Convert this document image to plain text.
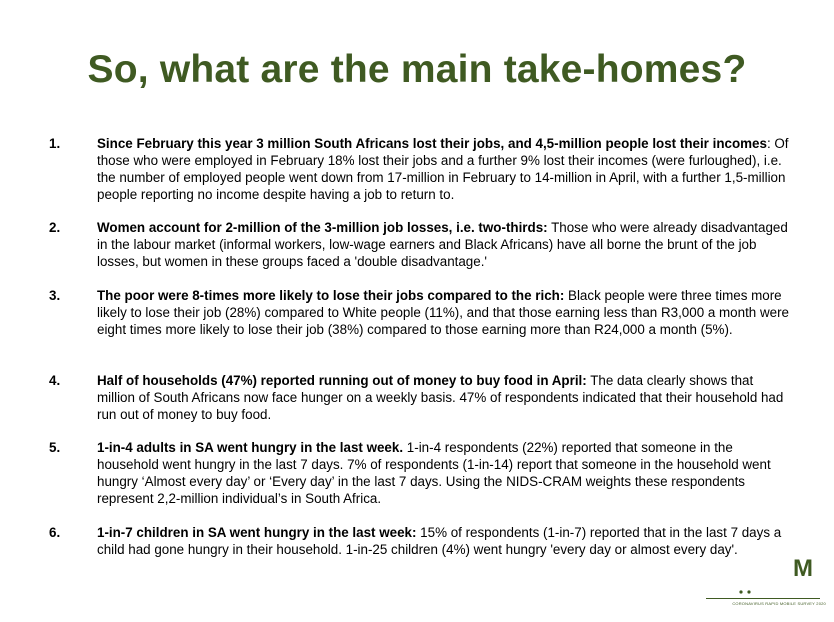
So, what are the main take-homes?
1.	Since February this year 3 million South Africans lost their jobs, and 4,5-million people lost their incomes: Of those who were employed in February 18% lost their jobs and a further 9% lost their incomes (were furloughed), i.e. the number of employed people went down from 17-million in February to 14-million in April, with a further 1,5-million people reporting no income despite having a job to return to.
2.	Women account for 2-million of the 3-million job losses, i.e. two-thirds: Those who were already disadvantaged in the labour market (informal workers, low-wage earners and Black Africans) have all borne the brunt of the job losses, but women in these groups faced a 'double disadvantage.'
3.	The poor were 8-times more likely to lose their jobs compared to the rich: Black people were three times more likely to lose their job (28%) compared to White people (11%), and that those earning less than R3,000 a month were eight times more likely to lose their job (38%) compared to those earning more than R24,000 a month (5%).
4.	Half of households (47%) reported running out of money to buy food in April: The data clearly shows that million of South Africans now face hunger on a weekly basis. 47% of respondents indicated that their household had run out of money to buy food.
5.	1-in-4 adults in SA went hungry in the last week. 1-in-4 respondents (22%) reported that someone in the household went hungry in the last 7 days. 7% of respondents (1-in-14) report that someone in the household went hungry ‘Almost every day’ or ‘Every day’ in the last 7 days. Using the NIDS-CRAM weights these respondents represent 2,2-million individual’s in South Africa.
6.	1-in-7 children in SA went hungry in the last week: 15% of respondents (1-in-7) reported that in the last 7 days a child had gone hungry in their household. 1-in-25 children (4%) went hungry 'every day or almost every day'.
M
CORONAVIRUS RAPID MOBILE SURVEY 2020
